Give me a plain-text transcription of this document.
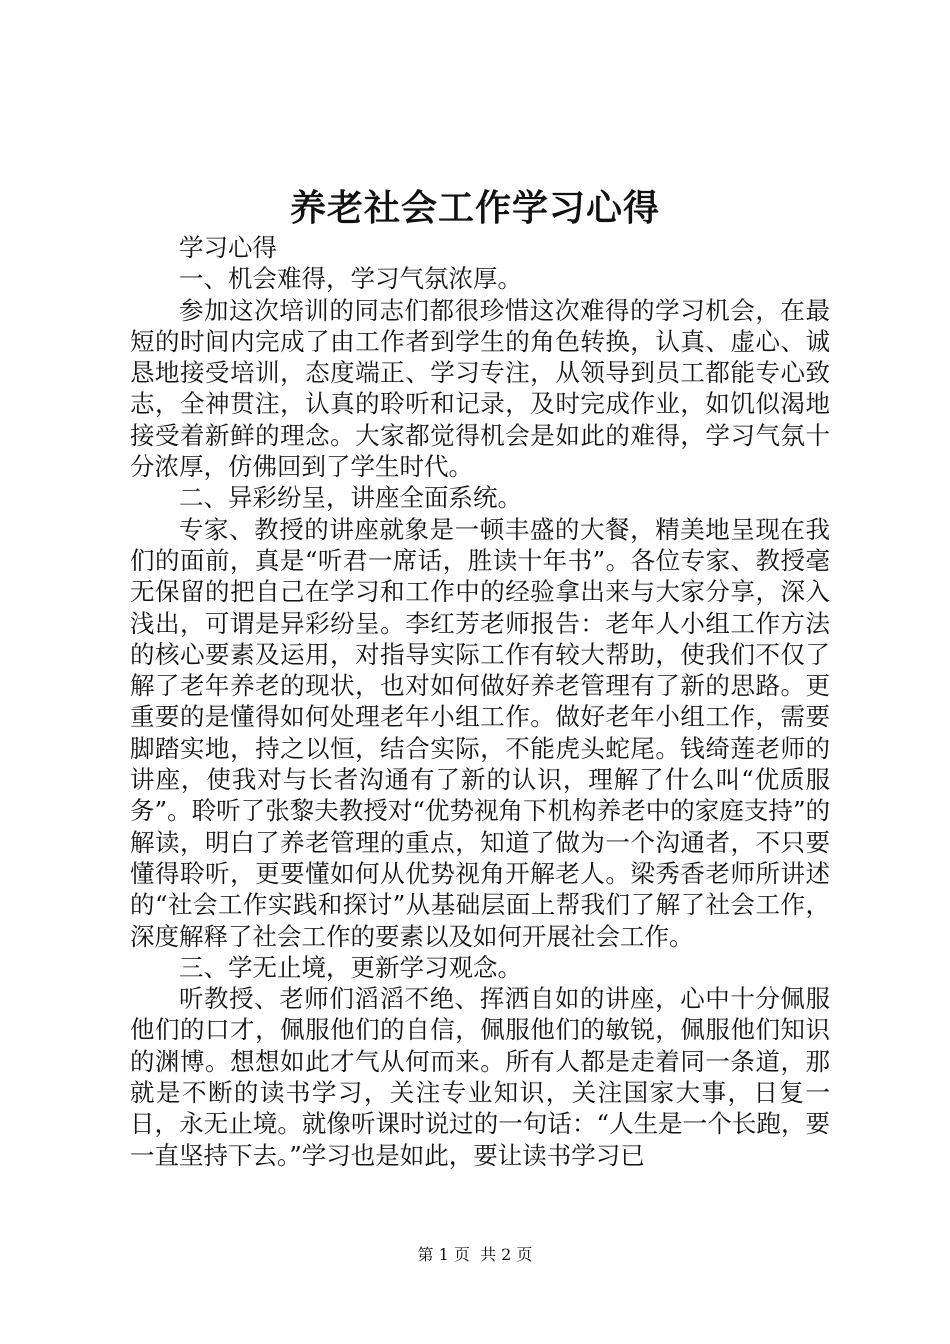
养老社会工作学习心得

学习心得

一、机会难得，学习气氛浓厚。

参加这次培训的同志们都很珍惜这次难得的学习机会，在最短的时间内完成了由工作者到学生的角色转换，认真、虚心、诚恳地接受培训，态度端正、学习专注，从领导到员工都能专心致志，全神贯注，认真的聆听和记录，及时完成作业，如饥似渴地接受着新鲜的理念。大家都觉得机会是如此的难得，学习气氛十分浓厚，仿佛回到了学生时代。

二、异彩纷呈，讲座全面系统。

专家、教授的讲座就象是一顿丰盛的大餐，精美地呈现在我们的面前，真是“听君一席话，胜读十年书”。各位专家、教授毫无保留的把自己在学习和工作中的经验拿出来与大家分享，深入浅出，可谓是异彩纷呈。李红芳老师报告：老年人小组工作方法的核心要素及运用，对指导实际工作有较大帮助，使我们不仅了解了老年养老的现状，也对如何做好养老管理有了新的思路。更重要的是懂得如何处理老年小组工作。做好老年小组工作，需要脚踏实地，持之以恒，结合实际，不能虎头蛇尾。钱绮莲老师的讲座，使我对与长者沟通有了新的认识，理解了什么叫“优质服务”。聆听了张黎夫教授对“优势视角下机构养老中的家庭支持”的解读，明白了养老管理的重点，知道了做为一个沟通者，不只要懂得聆听，更要懂如何从优势视角开解老人。梁秀香老师所讲述的“社会工作实践和探讨”从基础层面上帮我们了解了社会工作，深度解释了社会工作的要素以及如何开展社会工作。

三、学无止境，更新学习观念。

听教授、老师们滔滔不绝、挥洒自如的讲座，心中十分佩服他们的口才，佩服他们的自信，佩服他们的敏锐，佩服他们知识的渊博。想想如此才气从何而来。所有人都是走着同一条道，那就是不断的读书学习，关注专业知识，关注国家大事，日复一日，永无止境。就像听课时说过的一句话：“人生是一个长跑，要一直坚持下去。”学习也是如此，要让读书学习已

第 1 页  共 2 页
